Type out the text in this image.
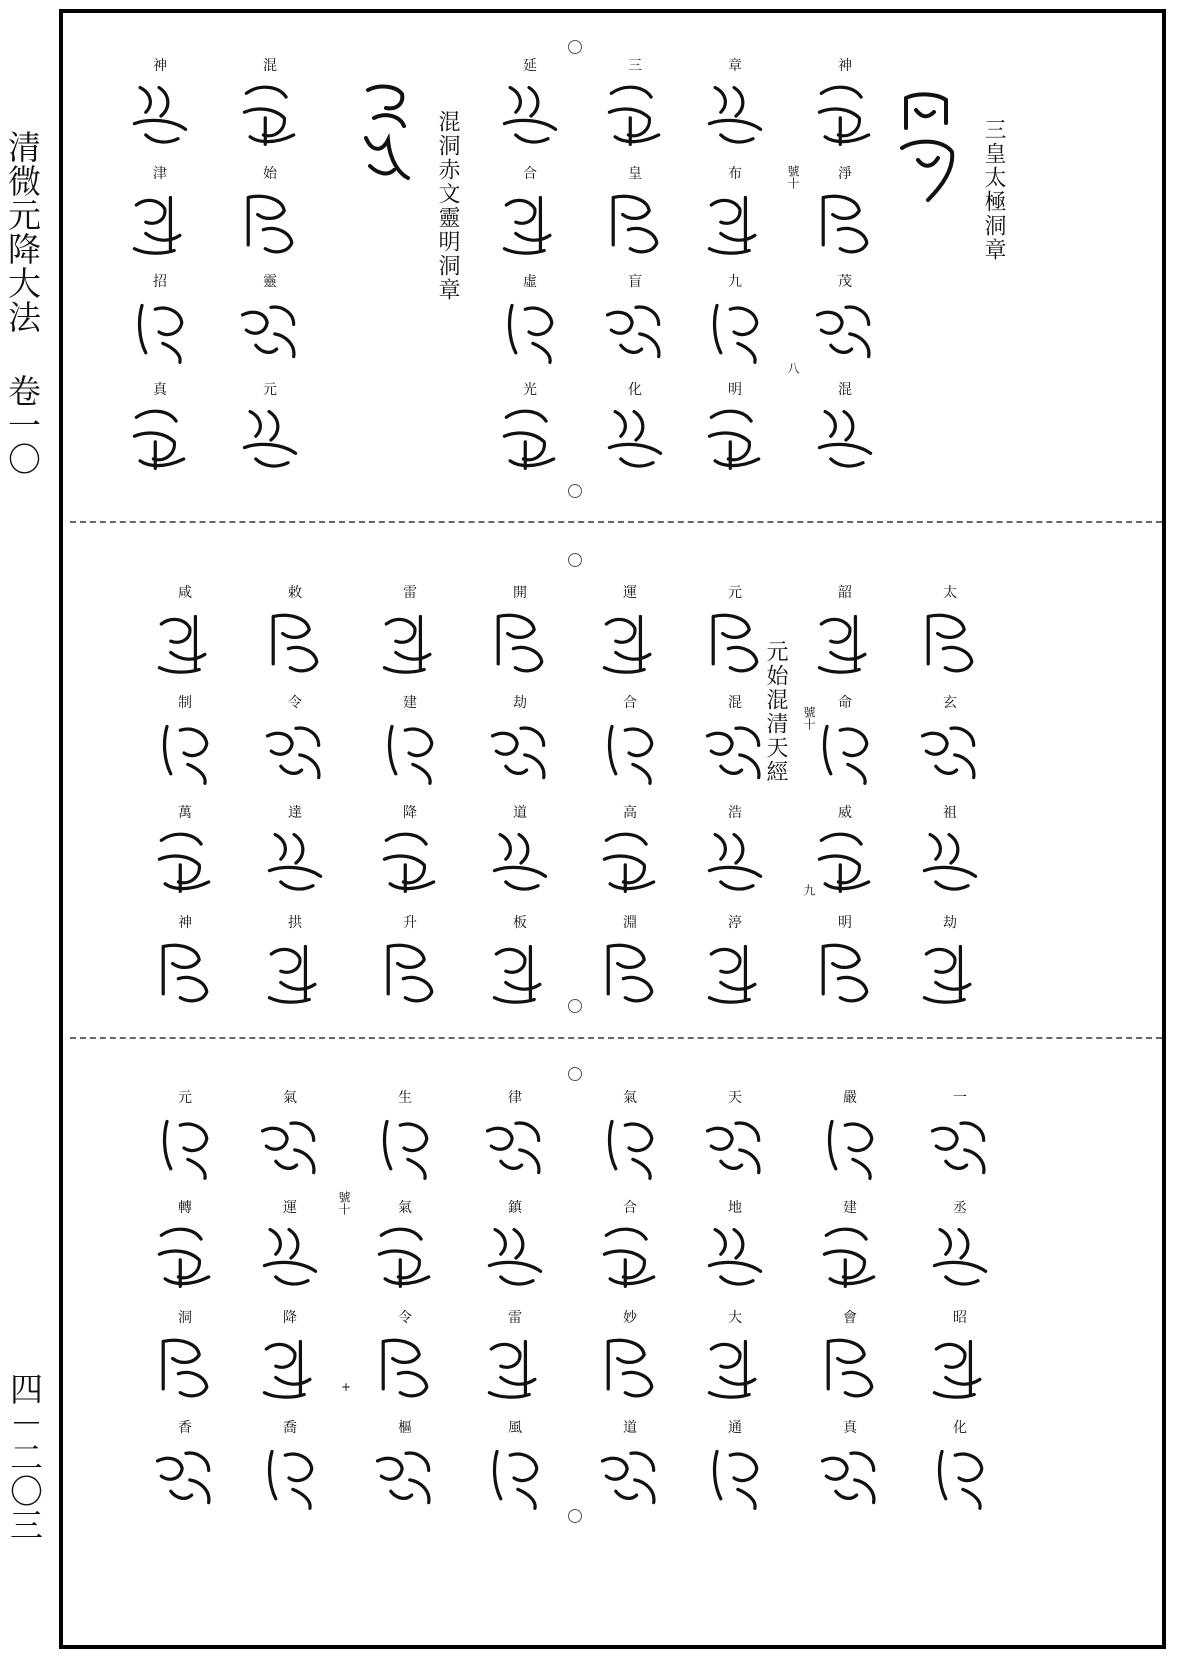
清微元降大法 卷一〇
四－二〇三
三皇太極洞章
混洞赤文靈明洞章	號十
八
元始混清天經 號十
九
號十
+
神
淨
茂
混
章
布
九
明
三
皇
盲
化
延
合
虛
光
混
始
靈
元
神
津
招
真
太
玄
祖
劫
韶
命
威
明
元
混
浩
渟
運
合
高
淵
開
劫
道
板
雷
建
降
升
敕
令
達
拱
咸
制
萬
神
一
丞
昭
化
嚴
建
會
真
天
地
大
通
氣
合
妙
道
律
鎮
雷
風
生
氣
令
樞
氣
運
降
喬
元
轉
洞
香
